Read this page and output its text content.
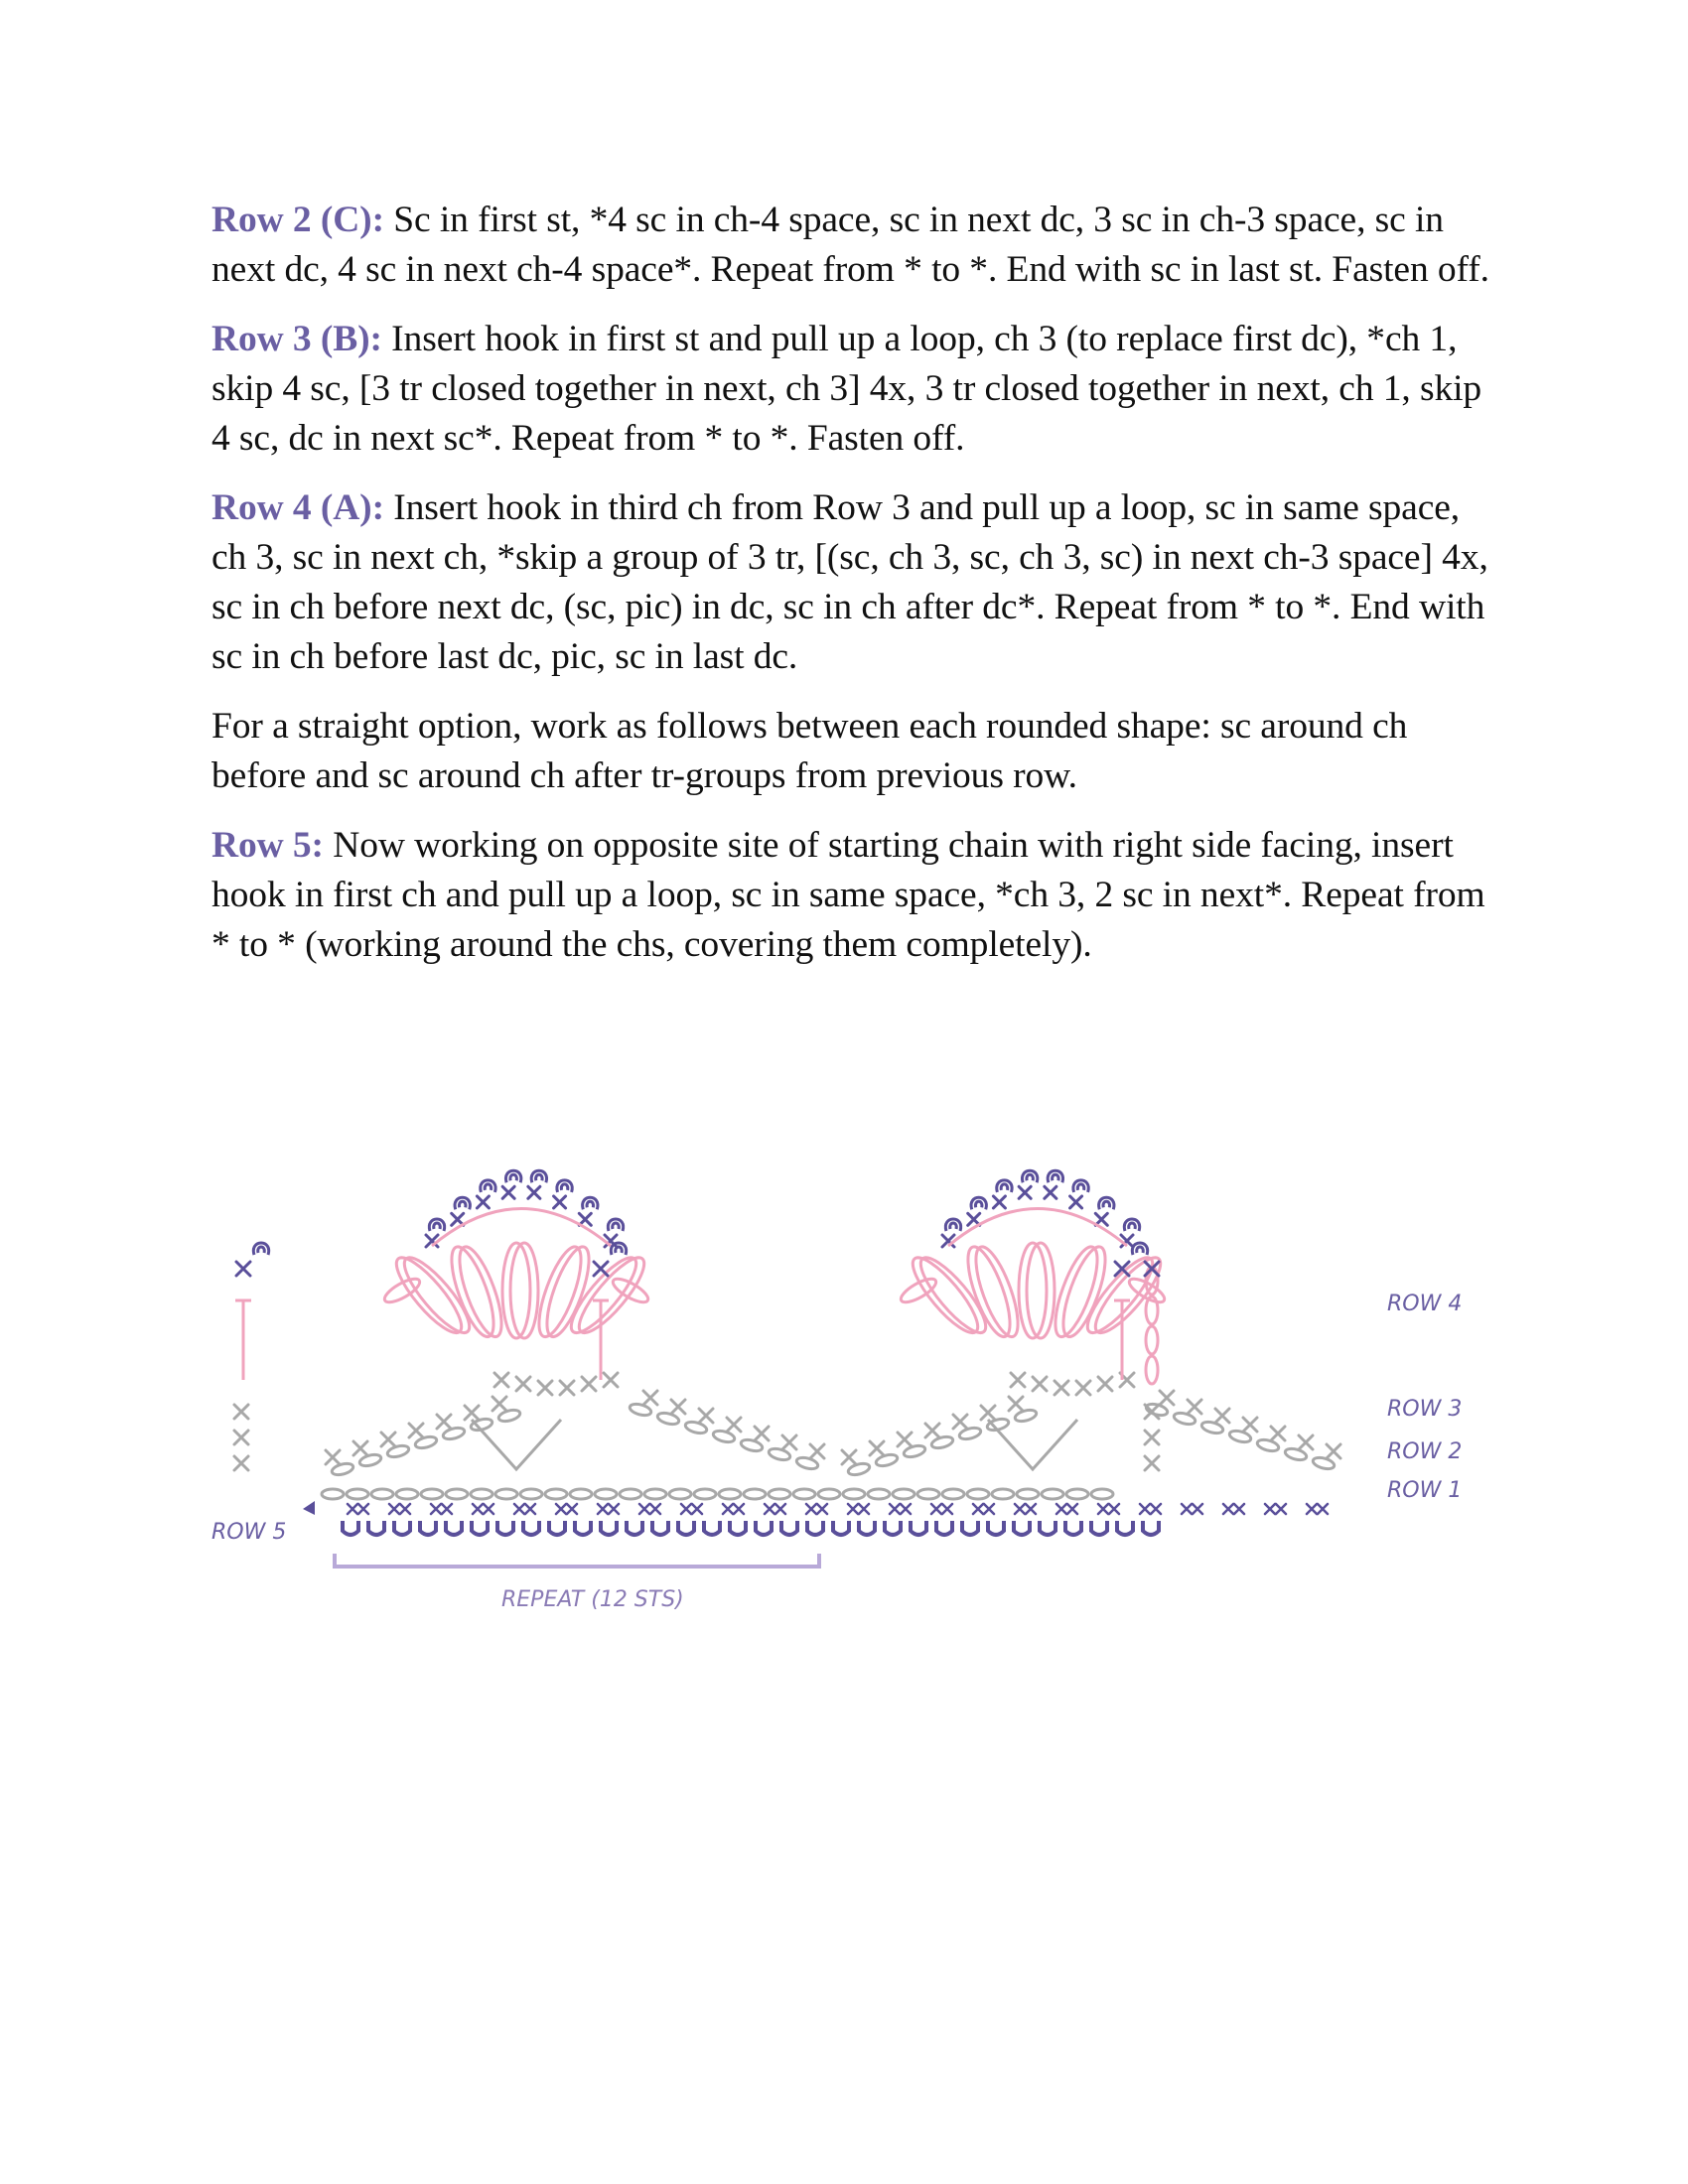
Row 2 (C): Sc in first st, *4 sc in ch-4 space, sc in next dc, 3 sc in ch-3 space, sc in next dc, 4 sc in next ch-4 space*. Repeat from * to *. End with sc in last st. Fasten off.

Row 3 (B): Insert hook in first st and pull up a loop, ch 3 (to replace first dc), *ch 1, skip 4 sc, [3 tr closed together in next, ch 3] 4x, 3 tr closed together in next, ch 1, skip 4 sc, dc in next sc*. Repeat from * to *. Fasten off.

Row 4 (A): Insert hook in third ch from Row 3 and pull up a loop, sc in same space, ch 3, sc in next ch, *skip a group of 3 tr, [(sc, ch 3, sc, ch 3, sc) in next ch-3 space] 4x, sc in ch before next dc, (sc, pic) in dc, sc in ch after dc*. Repeat from * to *. End with sc in ch before last dc, pic, sc in last dc.

For a straight option, work as follows between each rounded shape: sc around ch before and sc around ch after tr-groups from previous row.

Row 5: Now working on opposite site of starting chain with right side facing, insert hook in first ch and pull up a loop, sc in same space, *ch 3, 2 sc in next*. Repeat from * to * (working around the chs, covering them completely).

ROW 4
ROW 3
ROW 2
ROW 1
ROW 5
REPEAT (12 STS)
